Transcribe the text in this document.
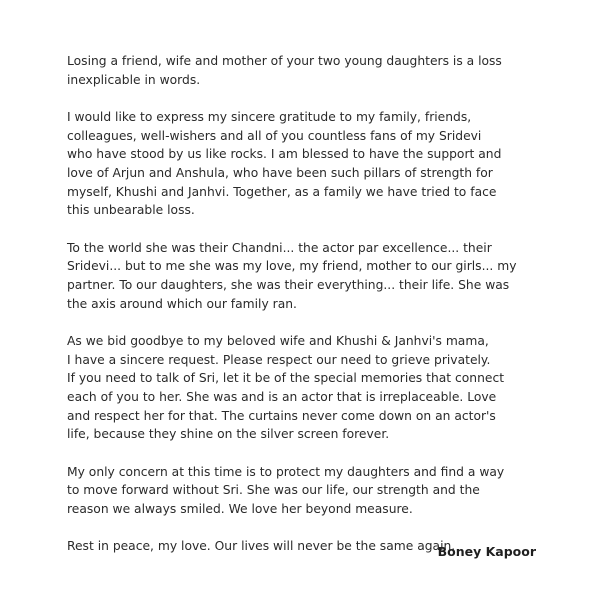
Losing a friend, wife and mother of your two young daughters is a loss
inexplicable in words.

I would like to express my sincere gratitude to my family, friends,
colleagues, well-wishers and all of you countless fans of my Sridevi
who have stood by us like rocks. I am blessed to have the support and
love of Arjun and Anshula, who have been such pillars of strength for
myself, Khushi and Janhvi. Together, as a family we have tried to face
this unbearable loss.

To the world she was their Chandni... the actor par excellence... their
Sridevi... but to me she was my love, my friend, mother to our girls... my
partner. To our daughters, she was their everything... their life. She was
the axis around which our family ran.

As we bid goodbye to my beloved wife and Khushi & Janhvi's mama,
I have a sincere request. Please respect our need to grieve privately.
If you need to talk of Sri, let it be of the special memories that connect
each of you to her. She was and is an actor that is irreplaceable. Love
and respect her for that. The curtains never come down on an actor's
life, because they shine on the silver screen forever.

My only concern at this time is to protect my daughters and find a way
to move forward without Sri. She was our life, our strength and the
reason we always smiled. We love her beyond measure.

Rest in peace, my love. Our lives will never be the same again.

Boney Kapoor
